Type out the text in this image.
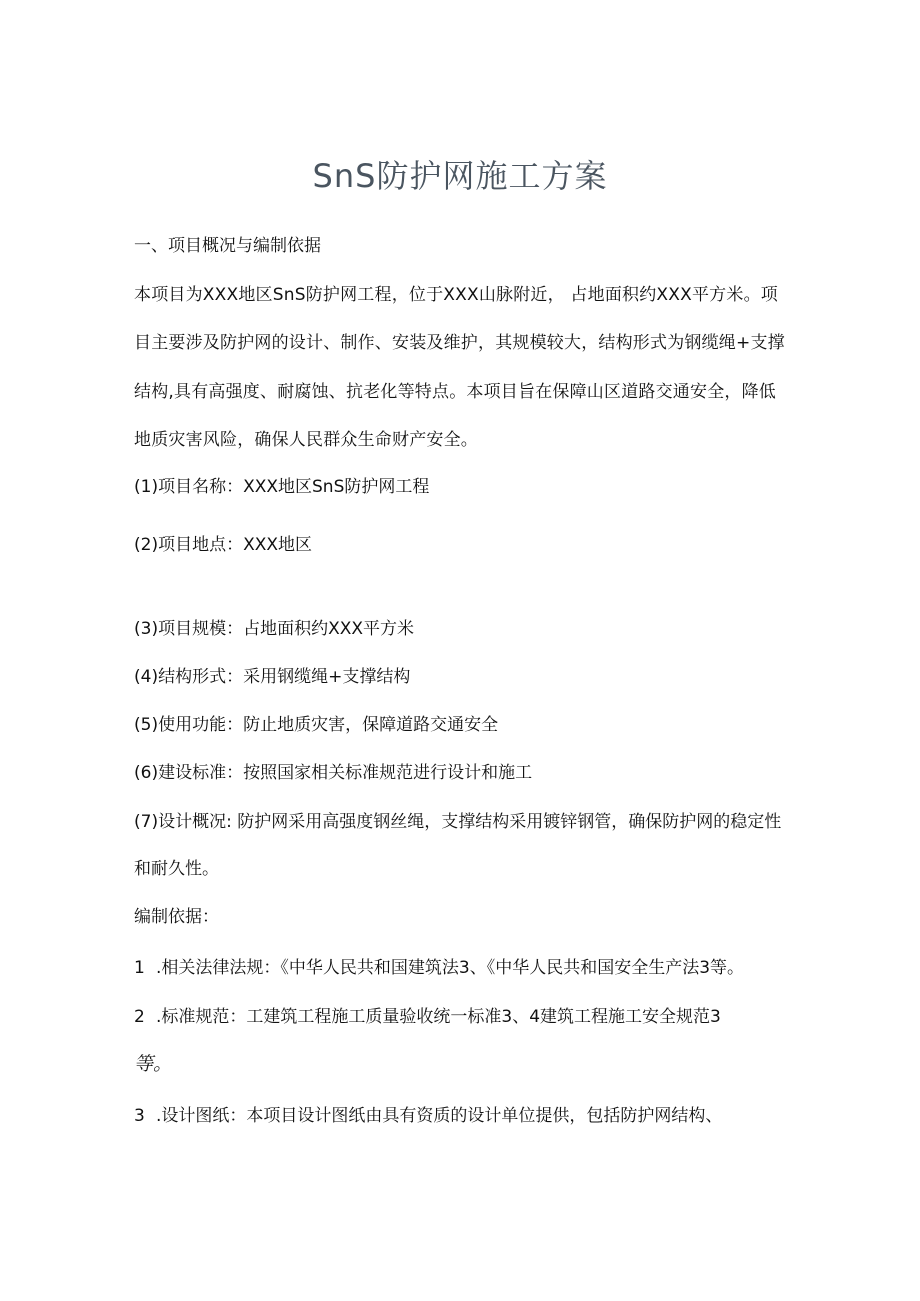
SnS防护网施工方案
一、项目概况与编制依据
本项目为XXX地区SnS防护网工程，位于XXX山脉附近， 占地面积约XXX平方米。项
目主要涉及防护网的设计、制作、安装及维护，其规模较大，结构形式为钢缆绳+支撑
结构,具有高强度、耐腐蚀、抗老化等特点。本项目旨在保障山区道路交通安全，降低
地质灾害风险，确保人民群众生命财产安全。
(1)项目名称：XXX地区SnS防护网工程
(2)项目地点：XXX地区
(3)项目规模：占地面积约XXX平方米
(4)结构形式：采用钢缆绳+支撑结构
(5)使用功能：防止地质灾害，保障道路交通安全
(6)建设标准：按照国家相关标准规范进行设计和施工
(7)设计概况: 防护网采用高强度钢丝绳，支撑结构采用镀锌钢管，确保防护网的稳定性
和耐久性。
编制依据：
1 .相关法律法规：《中华人民共和国建筑法3、《中华人民共和国安全生产法3等。
2 .标准规范：工建筑工程施工质量验收统一标准3、4建筑工程施工安全规范3
等。
3 .设计图纸：本项目设计图纸由具有资质的设计单位提供，包括防护网结构、
